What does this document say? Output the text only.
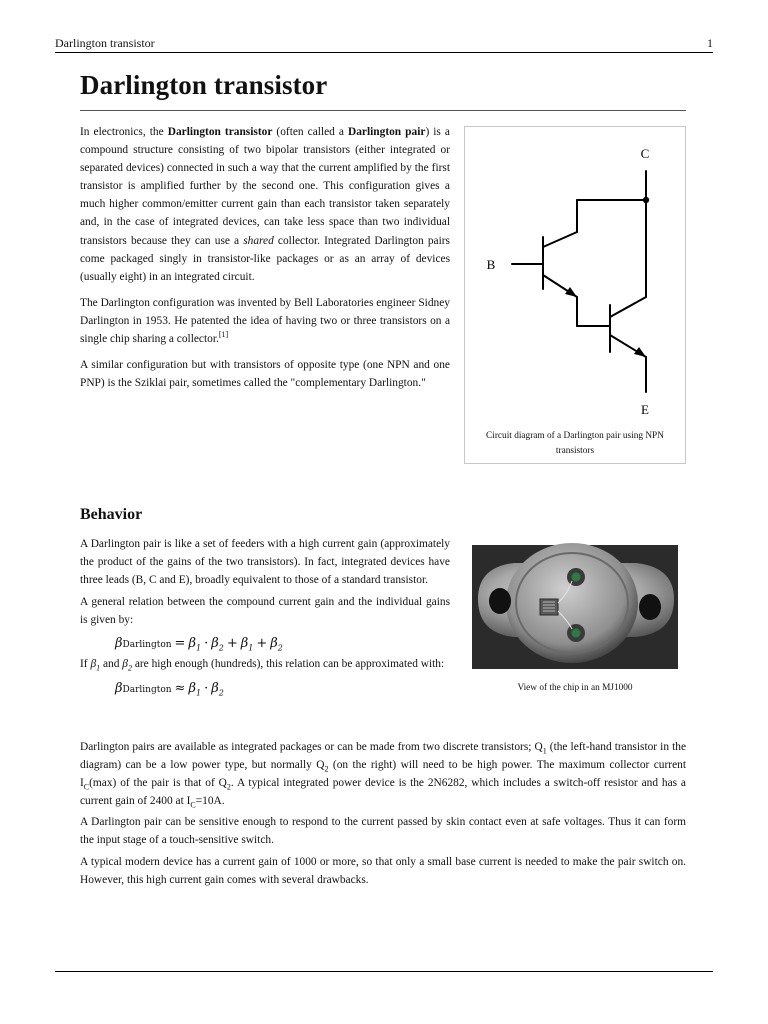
Darlington transistor	1
Darlington transistor

In electronics, the Darlington transistor (often called a Darlington pair) is a compound structure consisting of two bipolar transistors (either integrated or separated devices) connected in such a way that the current amplified by the first transistor is amplified further by the second one. This configuration gives a much higher common/emitter current gain than each transistor taken separately and, in the case of integrated devices, can take less space than two individual transistors because they can use a shared collector. Integrated Darlington pairs come packaged singly in transistor-like packages or as an array of devices (usually eight) in an integrated circuit.

The Darlington configuration was invented by Bell Laboratories engineer Sidney Darlington in 1953. He patented the idea of having two or three transistors on a single chip sharing a collector.[1]

A similar configuration but with transistors of opposite type (one NPN and one PNP) is the Sziklai pair, sometimes called the "complementary Darlington."

C
B
E
Circuit diagram of a Darlington pair using NPN transistors
Behavior

A Darlington pair is like a set of feeders with a high current gain (approximately the product of the gains of the two transistors). In fact, integrated devices have three leads (B, C and E), broadly equivalent to those of a standard transistor.

A general relation between the compound current gain and the individual gains is given by:

βDarlington = $\beta_1 \cdot \beta_2 + \beta_1 + \beta_2$

If $\beta_1$ and $\beta_2$ are high enough (hundreds), this relation can be approximated with:

βDarlington ≈ $\beta_1 \cdot \beta_2$	View of the chip in an MJ1000

Darlington pairs are available as integrated packages or can be made from two discrete transistors; $Q_1$ (the left-hand transistor in the diagram) can be a low power type, but normally $Q_2$ (on the right) will need to be high power. The maximum collector current $I_C(\max)$ of the pair is that of $Q_2$. A typical integrated power device is the 2N6282, which includes a switch-off resistor and has a current gain of 2400 at $I_C=10A$.

A Darlington pair can be sensitive enough to respond to the current passed by skin contact even at safe voltages. Thus it can form the input stage of a touch-sensitive switch.

A typical modern device has a current gain of 1000 or more, so that only a small base current is needed to make the pair switch on. However, this high current gain comes with several drawbacks.
